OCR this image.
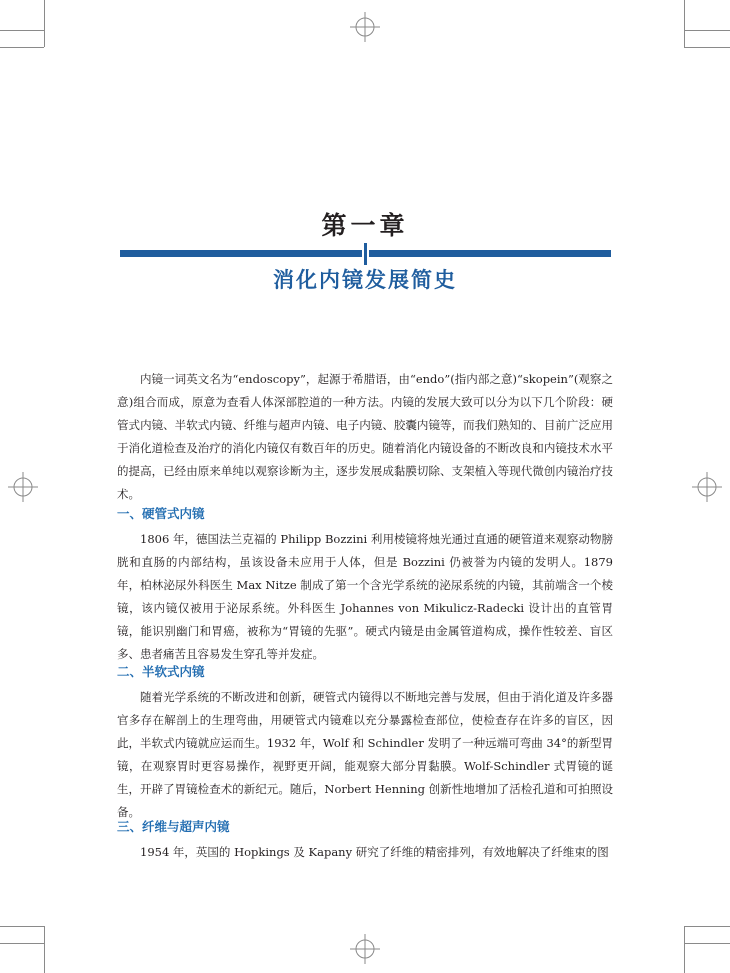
第一章
消化内镜发展简史

内镜一词英文名为“endoscopy”，起源于希腊语，由“endo”(指内部之意)“skopein”(观察之意)组合而成，原意为查看人体深部腔道的一种方法。内镜的发展大致可以分为以下几个阶段：硬管式内镜、半软式内镜、纤维与超声内镜、电子内镜、胶囊内镜等，而我们熟知的、目前广泛应用于消化道检查及治疗的消化内镜仅有数百年的历史。随着消化内镜设备的不断改良和内镜技术水平的提高，已经由原来单纯以观察诊断为主，逐步发展成黏膜切除、支架植入等现代微创内镜治疗技术。

一、硬管式内镜

1806 年，德国法兰克福的 Philipp Bozzini 利用棱镜将烛光通过直通的硬管道来观察动物膀胱和直肠的内部结构，虽该设备未应用于人体，但是 Bozzini 仍被誉为内镜的发明人。1879 年，柏林泌尿外科医生 Max Nitze 制成了第一个含光学系统的泌尿系统的内镜，其前端含一个棱镜，该内镜仅被用于泌尿系统。外科医生 Johannes von Mikulicz-Radecki 设计出的直管胃镜，能识别幽门和胃癌，被称为“胃镜的先驱”。硬式内镜是由金属管道构成，操作性较差、盲区多、患者痛苦且容易发生穿孔等并发症。

二、半软式内镜

随着光学系统的不断改进和创新，硬管式内镜得以不断地完善与发展，但由于消化道及许多器官多存在解剖上的生理弯曲，用硬管式内镜难以充分暴露检查部位，使检查存在许多的盲区，因此，半软式内镜就应运而生。1932 年，Wolf 和 Schindler 发明了一种远端可弯曲 34°的新型胃镜，在观察胃时更容易操作，视野更开阔，能观察大部分胃黏膜。Wolf-Schindler 式胃镜的诞生，开辟了胃镜检查术的新纪元。随后，Norbert Henning 创新性地增加了活检孔道和可拍照设备。

三、纤维与超声内镜

1954 年，英国的 Hopkings 及 Kapany 研究了纤维的精密排列，有效地解决了纤维束的图
